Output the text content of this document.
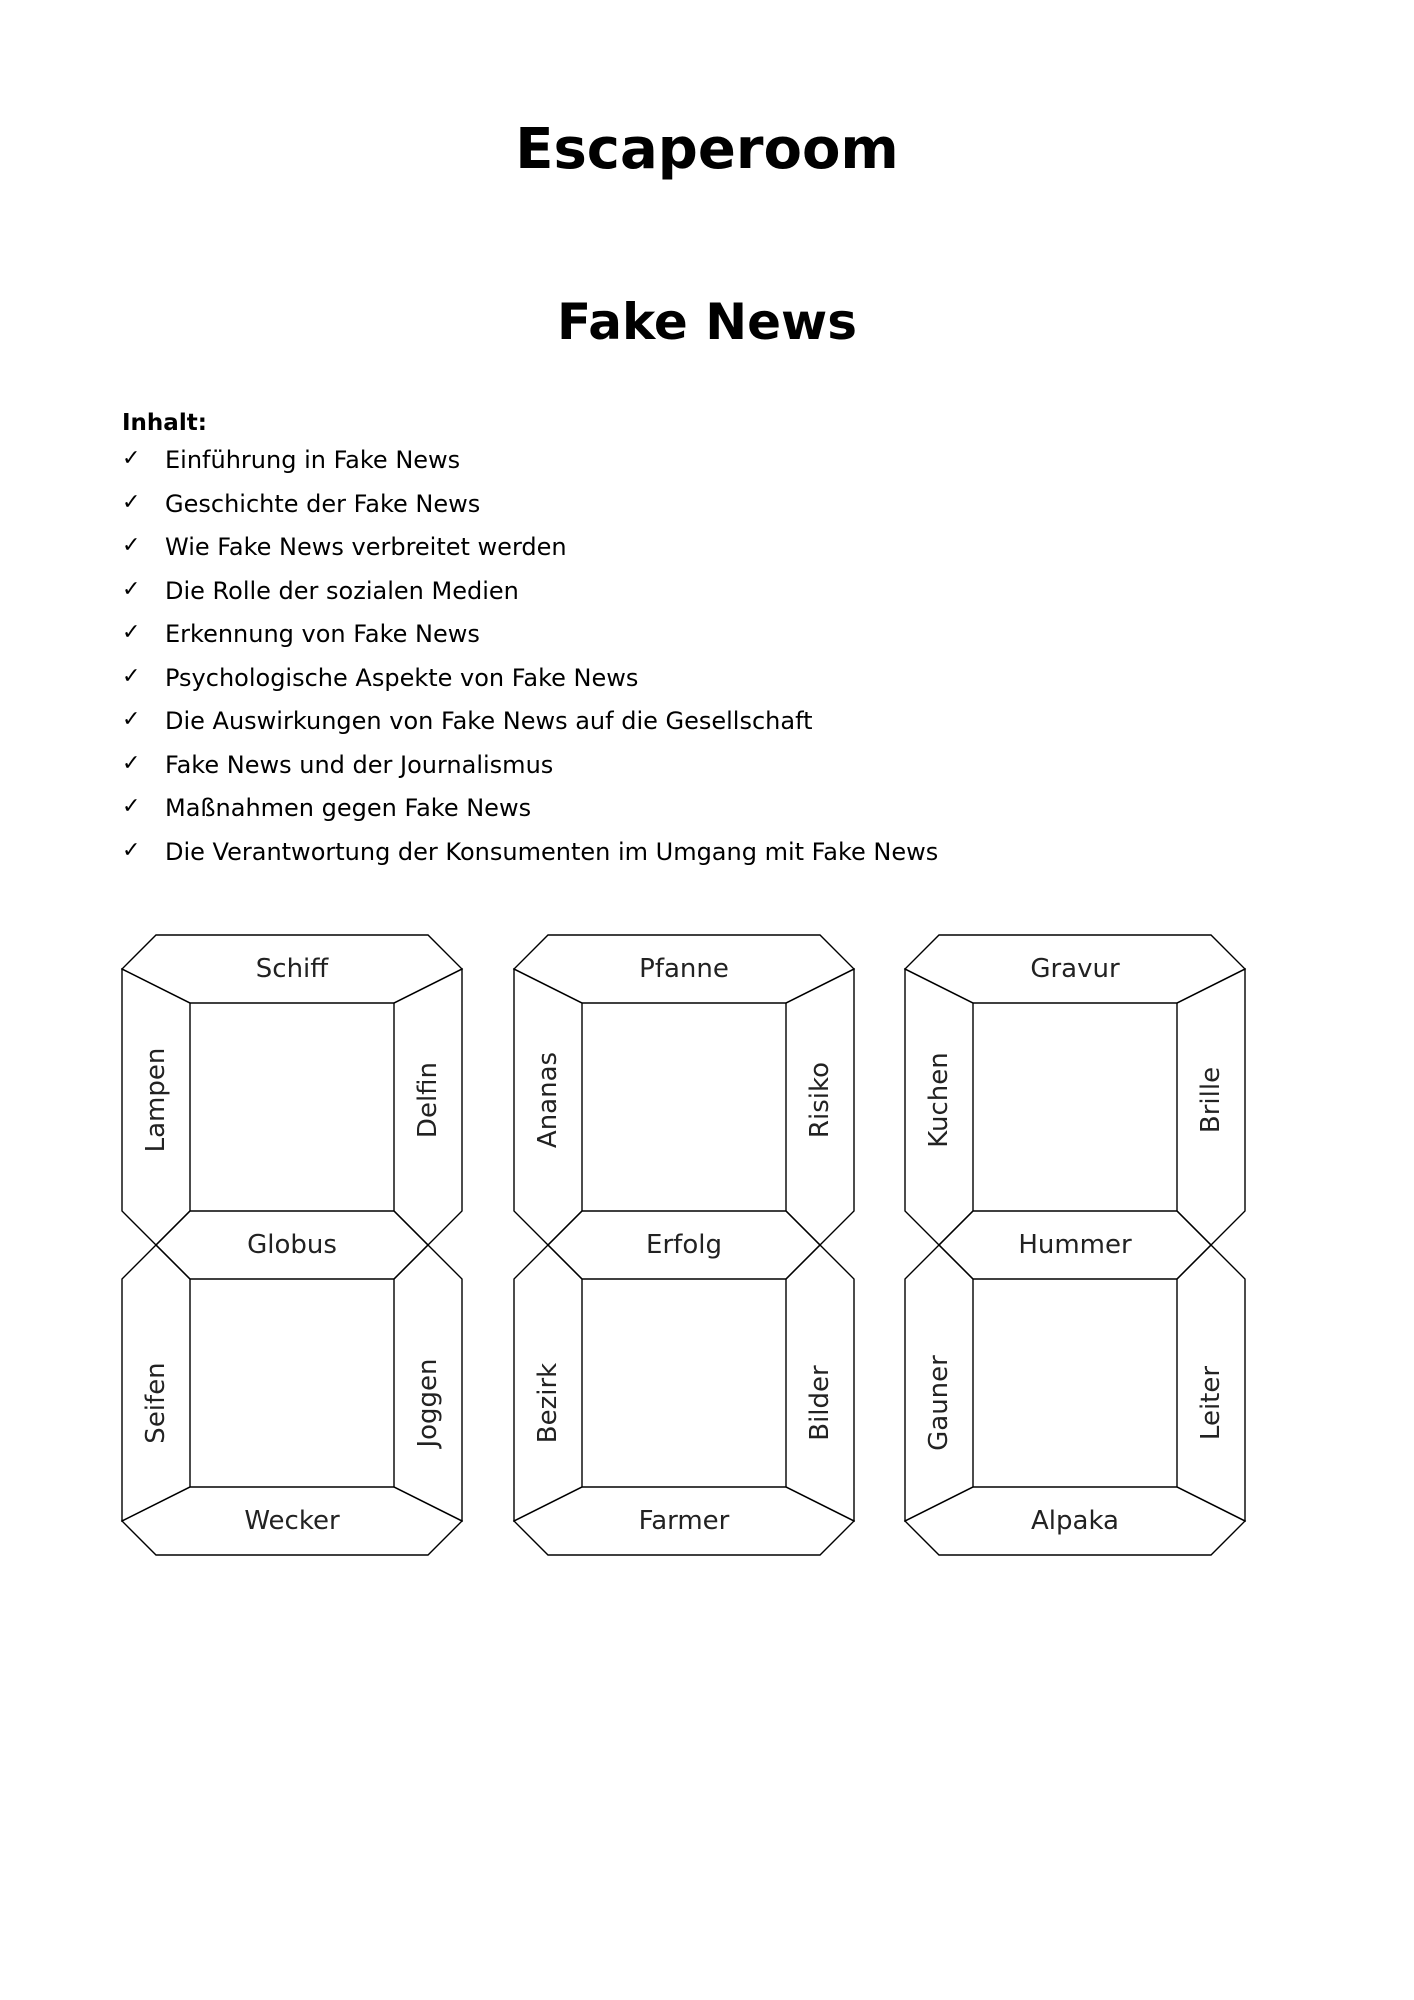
Escaperoom
Fake News
Inhalt:
✓	Einführung in Fake News
✓	Geschichte der Fake News
✓	Wie Fake News verbreitet werden
✓	Die Rolle der sozialen Medien
✓	Erkennung von Fake News
✓	Psychologische Aspekte von Fake News
✓	Die Auswirkungen von Fake News auf die Gesellschaft
✓	Fake News und der Journalismus
✓	Maßnahmen gegen Fake News
✓	Die Verantwortung der Konsumenten im Umgang mit Fake News
Schiff
Lampen	Delfin
Globus
Seifen	Joggen
Wecker
Pfanne
Ananas	Risiko
Erfolg
Bezirk	Bilder
Farmer
Gravur
Kuchen	Brille
Hummer
Gauner	Leiter
Alpaka
